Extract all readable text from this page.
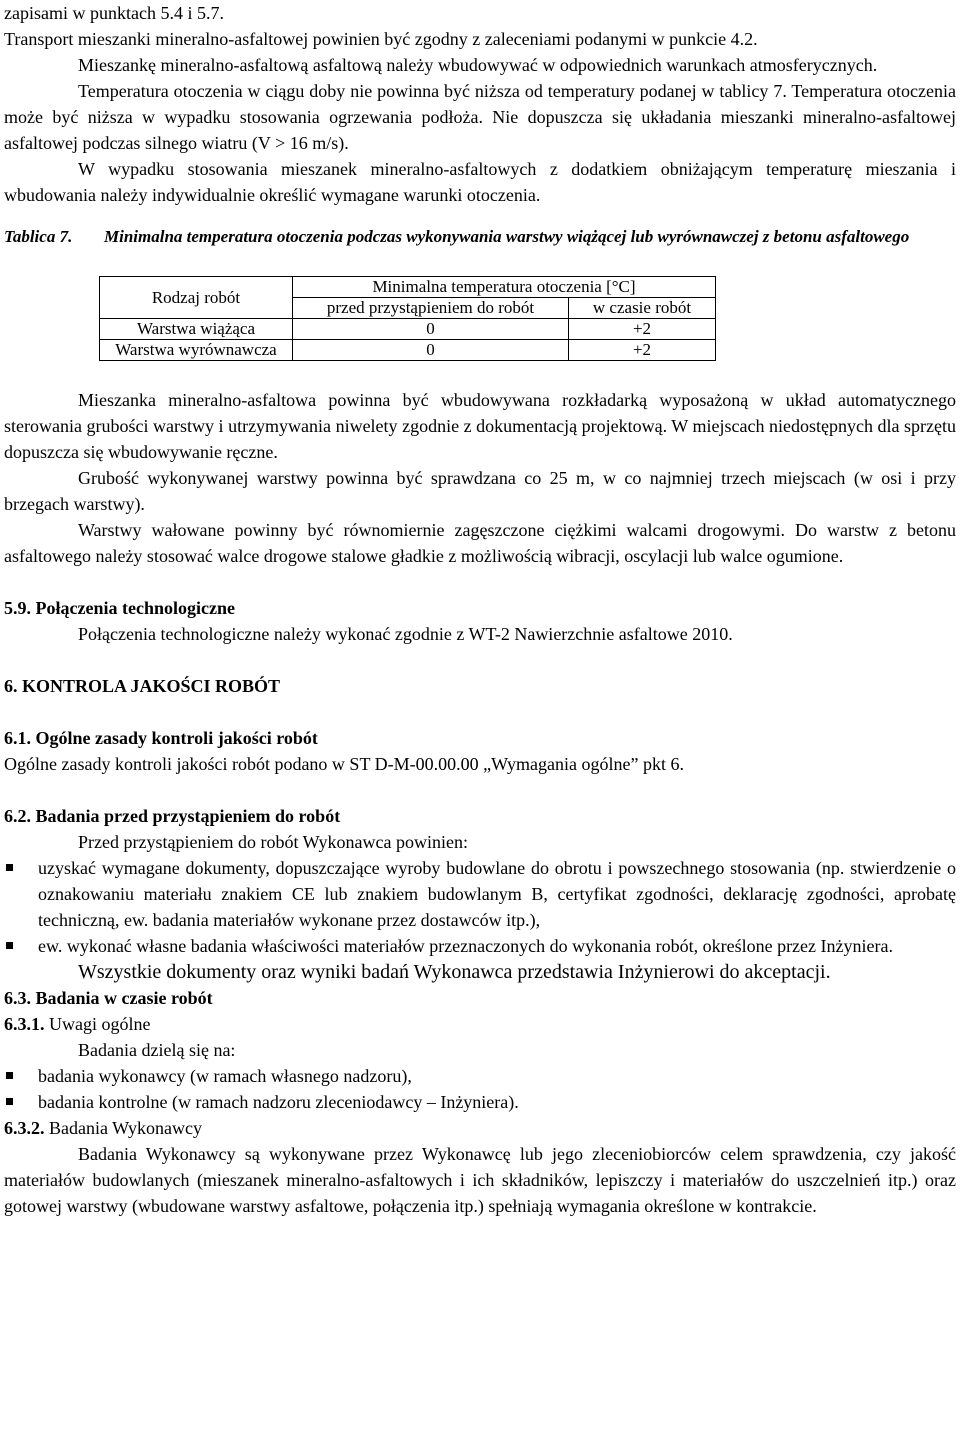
zapisami w punktach 5.4 i 5.7.

Transport mieszanki mineralno-asfaltowej powinien być zgodny z zaleceniami podanymi w punkcie 4.2.

Mieszankę mineralno-asfaltową asfaltową należy wbudowywać w odpowiednich warunkach atmosferycznych.

Temperatura otoczenia w ciągu doby nie powinna być niższa od temperatury podanej w tablicy 7. Temperatura otoczenia może być niższa w wypadku stosowania ogrzewania podłoża. Nie dopuszcza się układania mieszanki mineralno-asfaltowej asfaltowej podczas silnego wiatru (V > 16 m/s).

W wypadku stosowania mieszanek mineralno-asfaltowych z dodatkiem obniżającym temperaturę mieszania i wbudowania należy indywidualnie określić wymagane warunki otoczenia.

Tablica 7.	Minimalna temperatura otoczenia podczas wykonywania warstwy wiążącej lub wyrównawczej z betonu asfaltowego
Rodzaj robót	Minimalna temperatura otoczenia [°C]	
	przed przystąpieniem do robót	w czasie robót
Warstwa wiążąca	0	+2
Warstwa wyrównawcza	0	+2

Mieszanka mineralno-asfaltowa powinna być wbudowywana rozkładarką wyposażoną w układ automatycznego sterowania grubości warstwy i utrzymywania niwelety zgodnie z dokumentacją projektową. W miejscach niedostępnych dla sprzętu dopuszcza się wbudowywanie ręczne.

Grubość wykonywanej warstwy powinna być sprawdzana co 25 m, w co najmniej trzech miejscach (w osi i przy brzegach warstwy).

Warstwy wałowane powinny być równomiernie zagęszczone ciężkimi walcami drogowymi. Do warstw z betonu asfaltowego należy stosować walce drogowe stalowe gładkie z możliwością wibracji, oscylacji lub walce ogumione.

5.9. Połączenia technologiczne

Połączenia technologiczne należy wykonać zgodnie z WT-2 Nawierzchnie asfaltowe 2010.

6. KONTROLA JAKOŚCI ROBÓT

6.1. Ogólne zasady kontroli jakości robót

Ogólne zasady kontroli jakości robót podano w ST D-M-00.00.00 „Wymagania ogólne” pkt 6.

6.2. Badania przed przystąpieniem do robót

Przed przystąpieniem do robót Wykonawca powinien:

uzyskać wymagane dokumenty, dopuszczające wyroby budowlane do obrotu i powszechnego stosowania (np. stwierdzenie o oznakowaniu materiału znakiem CE lub znakiem budowlanym B, certyfikat zgodności, deklarację zgodności, aprobatę techniczną, ew. badania materiałów wykonane przez dostawców itp.),
ew. wykonać własne badania właściwości materiałów przeznaczonych do wykonania robót, określone przez Inżyniera.

Wszystkie dokumenty oraz wyniki badań Wykonawca przedstawia Inżynierowi do akceptacji.

6.3. Badania w czasie robót

6.3.1. Uwagi ogólne

Badania dzielą się na:

badania wykonawcy (w ramach własnego nadzoru),
badania kontrolne (w ramach nadzoru zleceniodawcy – Inżyniera).

6.3.2. Badania Wykonawcy

Badania Wykonawcy są wykonywane przez Wykonawcę lub jego zleceniobiorców celem sprawdzenia, czy jakość materiałów budowlanych (mieszanek mineralno-asfaltowych i ich składników, lepiszczy i materiałów do uszczelnień itp.) oraz gotowej warstwy (wbudowane warstwy asfaltowe, połączenia itp.) spełniają wymagania określone w kontrakcie.
